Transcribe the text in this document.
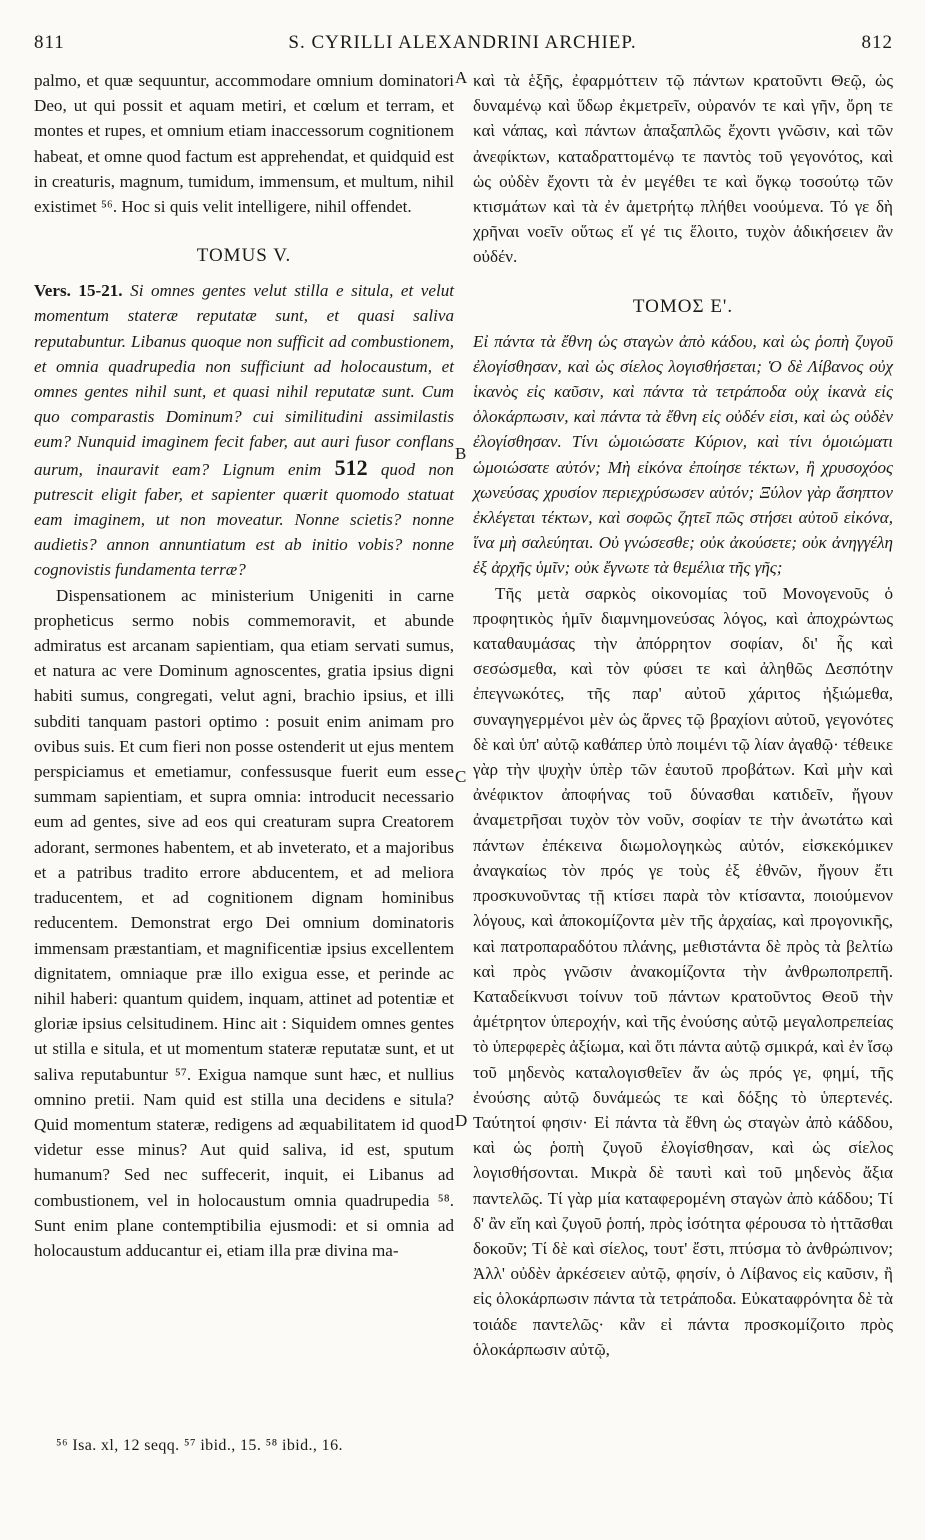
811	S. CYRILLI ALEXANDRINI ARCHIEP.	812

palmo, et quæ sequuntur, accommodare omnium dominatori Deo, ut qui possit et aquam metiri, et cœlum et terram, et montes et rupes, et omnium etiam inaccessorum cognitionem habeat, et omne quod factum est apprehendat, et quidquid est in creaturis, magnum, tumidum, immensum, et multum, nihil existimet ⁵⁶. Hoc si quis velit intelligere, nihil offendet.

TOMUS V.

Vers. 15-21. Si omnes gentes velut stilla e situla, et velut momentum stateræ reputatæ sunt, et quasi saliva reputabuntur. Libanus quoque non sufficit ad combustionem, et omnia quadrupedia non sufficiunt ad holocaustum, et omnes gentes nihil sunt, et quasi nihil reputatæ sunt. Cum quo comparastis Dominum? cui similitudini assimilastis eum? Nunquid imaginem fecit faber, aut auri fusor conflans aurum, inauravit eam? Lignum enim 512 quod non putrescit eligit faber, et sapienter quærit quomodo statuat eam imaginem, ut non moveatur. Nonne scietis? nonne audietis? annon annuntiatum est ab initio vobis? nonne cognovistis fundamenta terræ?

Dispensationem ac ministerium Unigeniti in carne propheticus sermo nobis commemoravit, et abunde admiratus est arcanam sapientiam, qua etiam servati sumus, et natura ac vere Dominum agnoscentes, gratia ipsius digni habiti sumus, congregati, velut agni, brachio ipsius, et illi subditi tanquam pastori optimo : posuit enim animam pro ovibus suis. Et cum fieri non posse ostenderit ut ejus mentem perspiciamus et emetiamur, confessusque fuerit eum esse summam sapientiam, et supra omnia: introducit necessario eum ad gentes, sive ad eos qui creaturam supra Creatorem adorant, sermones habentem, et ab inveterato, et a majoribus et a patribus tradito errore abducentem, et ad meliora traducentem, et ad cognitionem dignam hominibus reducentem. Demonstrat ergo Dei omnium dominatoris immensam præstantiam, et magnificentiæ ipsius excellentem dignitatem, omniaque præ illo exigua esse, et perinde ac nihil haberi: quantum quidem, inquam, attinet ad potentiæ et gloriæ ipsius celsitudinem. Hinc ait : Siquidem omnes gentes ut stilla e situla, et ut momentum stateræ reputatæ sunt, et ut saliva reputabuntur ⁵⁷. Exigua namque sunt hæc, et nullius omnino pretii. Nam quid est stilla una decidens e situla? Quid momentum stateræ, redigens ad æquabilitatem id quod videtur esse minus? Aut quid saliva, id est, sputum humanum? Sed nec suffecerit, inquit, ei Libanus ad combustionem, vel in holocaustum omnia quadrupedia ⁵⁸. Sunt enim plane contemptibilia ejusmodi: et si omnia ad holocaustum adducantur ei, etiam illa præ divina ma-

A
B
C
D

καὶ τὰ ἑξῆς, ἐφαρμόττειν τῷ πάντων κρατοῦντι Θεῷ, ὡς δυναμένῳ καὶ ὕδωρ ἐκμετρεῖν, οὐρανόν τε καὶ γῆν, ὄρη τε καὶ νάπας, καὶ πάντων ἁπαξαπλῶς ἔχοντι γνῶσιν, καὶ τῶν ἀνεφίκτων, καταδραττομένῳ τε παντὸς τοῦ γεγονότος, καὶ ὡς οὐδὲν ἔχοντι τὰ ἐν μεγέθει τε καὶ ὄγκῳ τοσούτῳ τῶν κτισμάτων καὶ τὰ ἐν ἀμετρήτῳ πλήθει νοούμενα. Τό γε δὴ χρῆναι νοεῖν οὕτως εἴ γέ τις ἕλοιτο, τυχὸν ἀδικήσειεν ἂν οὐδέν.

ΤΟΜΟΣ Ε'.

Εἰ πάντα τὰ ἔθνη ὡς σταγὼν ἀπὸ κάδου, καὶ ὡς ῥοπὴ ζυγοῦ ἐλογίσθησαν, καὶ ὡς σίελος λογισθήσεται; Ὁ δὲ Λίβανος οὐχ ἱκανὸς εἰς καῦσιν, καὶ πάντα τὰ τετράποδα οὐχ ἱκανὰ εἰς ὁλοκάρπωσιν, καὶ πάντα τὰ ἔθνη εἰς οὐδέν εἰσι, καὶ ὡς οὐδὲν ἐλογίσθησαν. Τίνι ὡμοιώσατε Κύριον, καὶ τίνι ὁμοιώματι ὡμοιώσατε αὐτόν; Μὴ εἰκόνα ἐποίησε τέκτων, ἢ χρυσοχόος χωνεύσας χρυσίον περιεχρύσωσεν αὐτόν; Ξύλον γὰρ ἄσηπτον ἐκλέγεται τέκτων, καὶ σοφῶς ζητεῖ πῶς στήσει αὐτοῦ εἰκόνα, ἵνα μὴ σαλεύηται. Οὐ γνώσεσθε; οὐκ ἀκούσετε; οὐκ ἀνηγγέλη ἐξ ἀρχῆς ὑμῖν; οὐκ ἔγνωτε τὰ θεμέλια τῆς γῆς;

Τῆς μετὰ σαρκὸς οἰκονομίας τοῦ Μονογενοῦς ὁ προφητικὸς ἡμῖν διαμνημονεύσας λόγος, καὶ ἀποχρώντως καταθαυμάσας τὴν ἀπόρρητον σοφίαν, δι' ἧς καὶ σεσώσμεθα, καὶ τὸν φύσει τε καὶ ἀληθῶς Δεσπότην ἐπεγνωκότες, τῆς παρ' αὐτοῦ χάριτος ἠξιώμεθα, συναγηγερμένοι μὲν ὡς ἄρνες τῷ βραχίονι αὐτοῦ, γεγονότες δὲ καὶ ὑπ' αὐτῷ καθάπερ ὑπὸ ποιμένι τῷ λίαν ἀγαθῷ· τέθεικε γὰρ τὴν ψυχὴν ὑπὲρ τῶν ἑαυτοῦ προβάτων. Καὶ μὴν καὶ ἀνέφικτον ἀποφήνας τοῦ δύνασθαι κατιδεῖν, ἤγουν ἀναμετρῆσαι τυχὸν τὸν νοῦν, σοφίαν τε τὴν ἀνωτάτω καὶ πάντων ἐπέκεινα διωμολογηκὼς αὐτόν, εἰσκεκόμικεν ἀναγκαίως τὸν πρός γε τοὺς ἐξ ἐθνῶν, ἤγουν ἔτι προσκυνοῦντας τῇ κτίσει παρὰ τὸν κτίσαντα, ποιούμενον λόγους, καὶ ἀποκομίζοντα μὲν τῆς ἀρχαίας, καὶ προγονικῆς, καὶ πατροπαραδότου πλάνης, μεθιστάντα δὲ πρὸς τὰ βελτίω καὶ πρὸς γνῶσιν ἀνακομίζοντα τὴν ἀνθρωποπρεπῆ. Καταδείκνυσι τοίνυν τοῦ πάντων κρατοῦντος Θεοῦ τὴν ἀμέτρητον ὑπεροχήν, καὶ τῆς ἐνούσης αὐτῷ μεγαλοπρεπείας τὸ ὑπερφερὲς ἀξίωμα, καὶ ὅτι πάντα αὐτῷ σμικρά, καὶ ἐν ἴσῳ τοῦ μηδενὸς καταλογισθεῖεν ἄν ὡς πρός γε, φημί, τῆς ἐνούσης αὐτῷ δυνάμεώς τε καὶ δόξης τὸ ὑπερτενές. Ταύτητοί φησιν· Εἰ πάντα τὰ ἔθνη ὡς σταγὼν ἀπὸ κάδδου, καὶ ὡς ῥοπὴ ζυγοῦ ἐλογίσθησαν, καὶ ὡς σίελος λογισθήσονται. Μικρὰ δὲ ταυτὶ καὶ τοῦ μηδενὸς ἄξια παντελῶς. Τί γὰρ μία καταφερομένη σταγὼν ἀπὸ κάδδου; Τί δ' ἂν εἴη καὶ ζυγοῦ ῥοπή, πρὸς ἰσότητα φέρουσα τὸ ἡττᾶσθαι δοκοῦν; Τί δὲ καὶ σίελος, τουτ' ἔστι, πτύσμα τὸ ἀνθρώπινον; Ἀλλ' οὐδὲν ἀρκέσειεν αὐτῷ, φησίν, ὁ Λίβανος εἰς καῦσιν, ἢ εἰς ὁλοκάρπωσιν πάντα τὰ τετράποδα. Εὐκαταφρόνητα δὲ τὰ τοιάδε παντελῶς· κἂν εἰ πάντα προσκομίζοιτο πρὸς ὁλοκάρπωσιν αὐτῷ,

⁵⁶ Isa. xl, 12 seqq. ⁵⁷ ibid., 15. ⁵⁸ ibid., 16.
